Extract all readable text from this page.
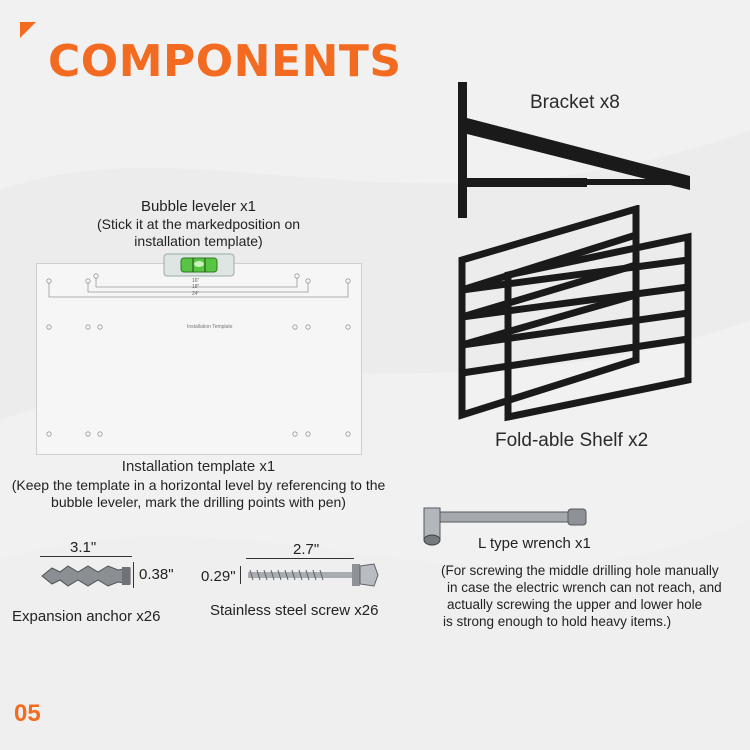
COMPONENTS
Bracket x8
Fold-able Shelf x2
Bubble leveler x1
(Stick it at the markedposition on installation template)
16"
18"
24"
Installation Template
Installation template x1
(Keep the template in a horizontal level by referencing to the bubble leveler, mark the drilling points with pen)
3.1"
0.38"
Expansion anchor x26
2.7"
0.29"
Stainless steel screw x26
L type wrench x1
(For screwing the middle drilling hole manually
in case the electric wrench can not reach, and
actually screwing the upper and lower hole
is strong enough to hold heavy items.)
05
